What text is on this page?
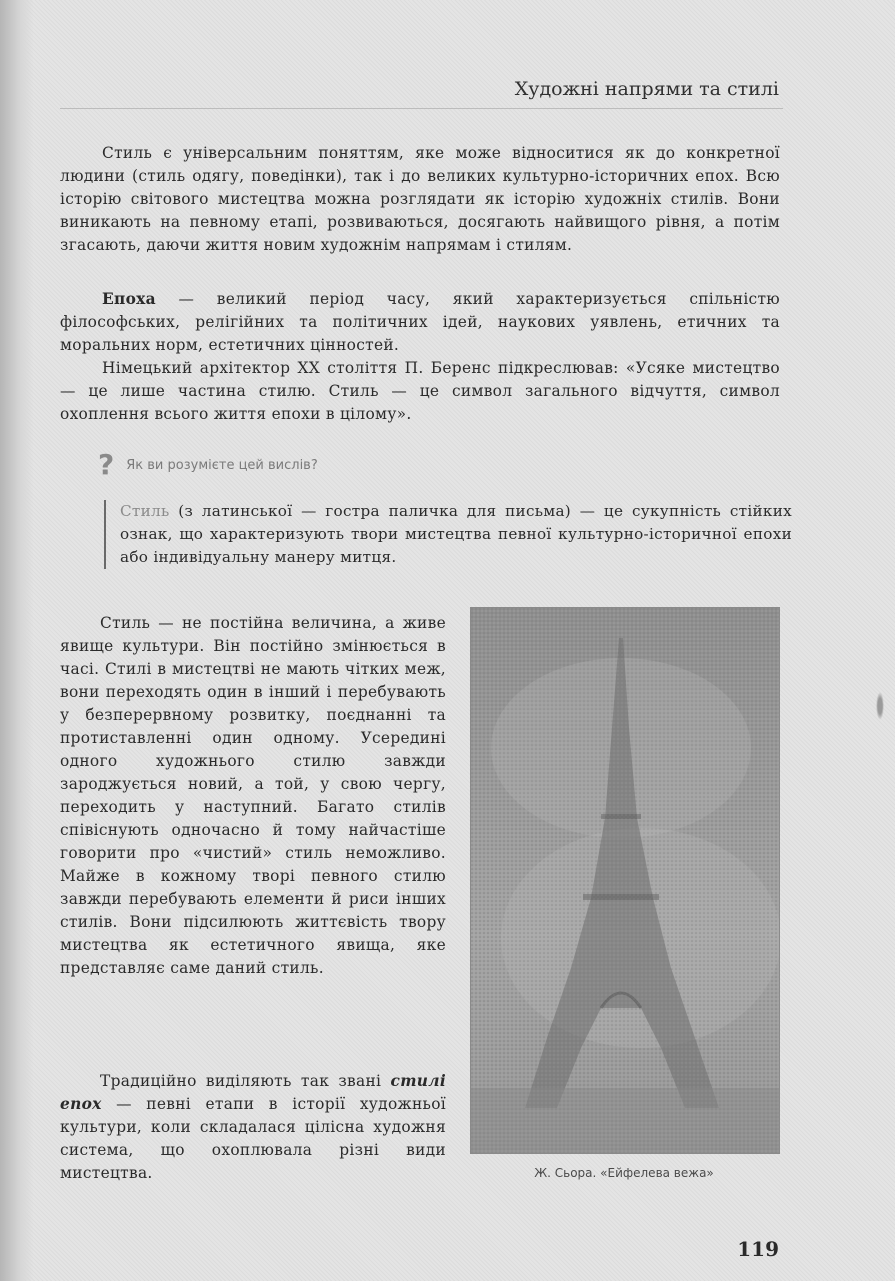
Художні напрями та стилі

Стиль є універсальним поняттям, яке може відноситися як до конкретної людини (стиль одягу, поведінки), так і до великих культурно-історичних епох. Всю історію світового мистецтва можна розглядати як історію художніх стилів. Вони виникають на певному етапі, розвиваються, досягають найвищого рівня, а потім згасають, даючи життя новим художнім напрямам і стилям.

Епоха — великий період часу, який характеризується спільністю філософських, релігійних та політичних ідей, наукових уявлень, етичних та моральних норм, естетичних цінностей.

Німецький архітектор XX століття П. Беренс підкреслював: «Усяке мистецтво — це лише частина стилю. Стиль — це символ загального відчуття, символ охоплення всього життя епохи в цілому».

? Як ви розумієте цей вислів?
Стиль (з латинської — гостра паличка для письма) — це сукупність стійких ознак, що характеризують твори мистецтва певної культурно-історичної епохи або індивідуальну манеру митця.

Стиль — не постійна величина, а живе явище культури. Він постійно змінюється в часі. Стилі в мистецтві не мають чітких меж, вони переходять один в інший і перебувають у безперервному розвитку, поєднанні та протиставленні один одному. Усередині одного художнього стилю завжди зароджується новий, а той, у свою чергу, переходить у наступний. Багато стилів співіснують одночасно й тому найчастіше говорити про «чистий» стиль неможливо. Майже в кожному творі певного стилю завжди перебувають елементи й риси інших стилів. Вони підсилюють життєвість твору мистецтва як естетичного явища, яке представляє саме даний стиль.

Традиційно виділяють так звані стилі епох — певні етапи в історії художньої культури, коли складалася цілісна художня система, що охоплювала різні види мистецтва.	Ж. Сьора. «Ейфелева вежа»
119
